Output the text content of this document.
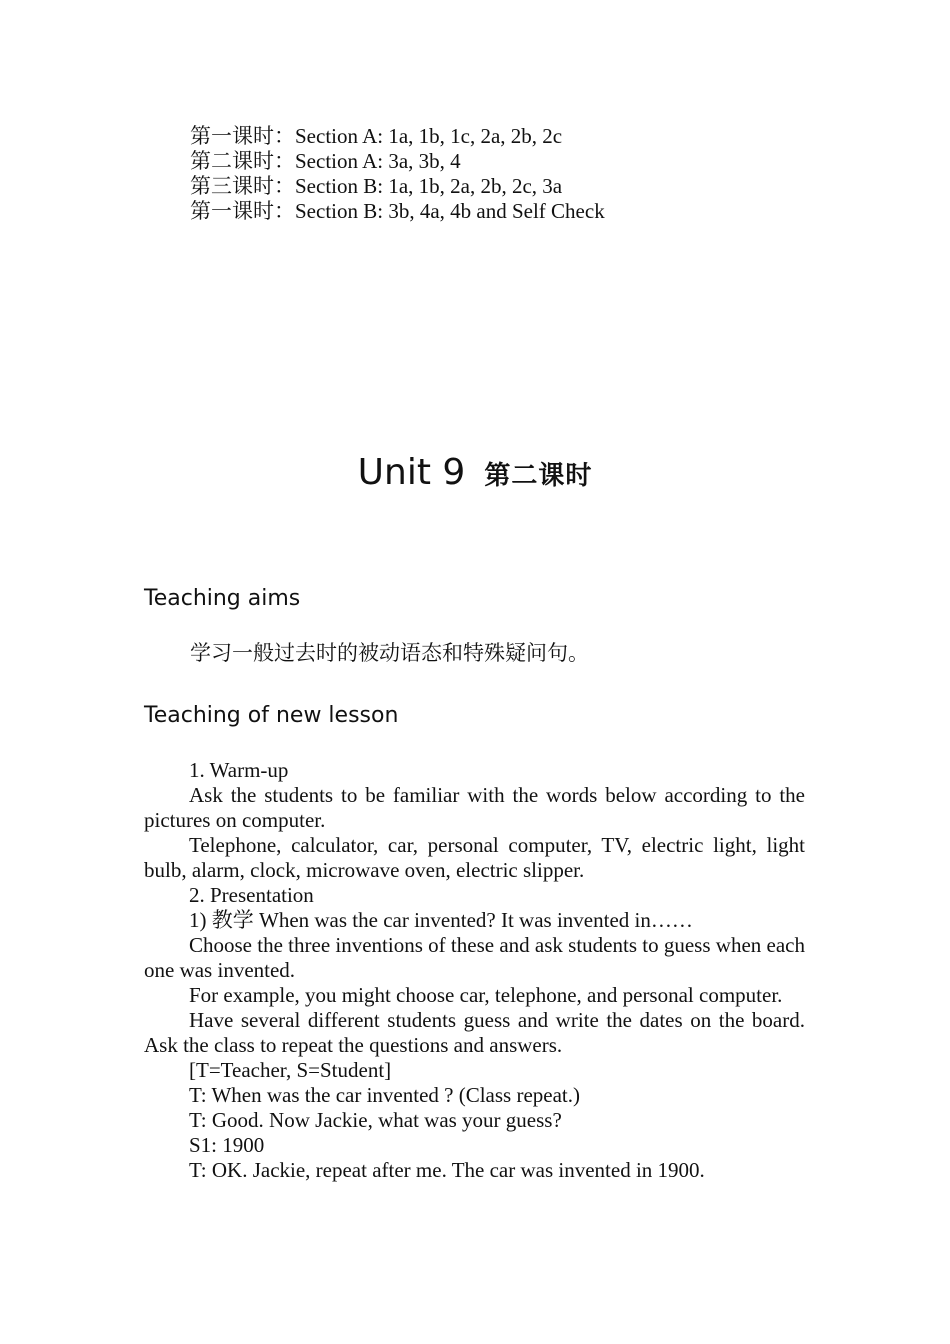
第一课时：Section A: 1a, 1b, 1c, 2a, 2b, 2c
第二课时：Section A: 3a, 3b, 4
第三课时：Section B: 1a, 1b, 2a, 2b, 2c, 3a
第一课时：Section B: 3b, 4a, 4b and Self Check
Unit 9 第二课时
Teaching aims
学习一般过去时的被动语态和特殊疑问句。
Teaching of new lesson

1. Warm-up

Ask the students to be familiar with the words below according to the pictures on computer.

Telephone, calculator, car, personal computer, TV, electric light, light bulb, alarm, clock, microwave oven, electric slipper.

2. Presentation

1) 教学 When was the car invented? It was invented in……

Choose the three inventions of these and ask students to guess when each one was invented.

For example, you might choose car, telephone, and personal computer.

Have several different students guess and write the dates on the board. Ask the class to repeat the questions and answers.

[T=Teacher, S=Student]

T: When was the car invented ? (Class repeat.)

T: Good. Now Jackie, what was your guess?

S1: 1900

T: OK. Jackie, repeat after me. The car was invented in 1900.
